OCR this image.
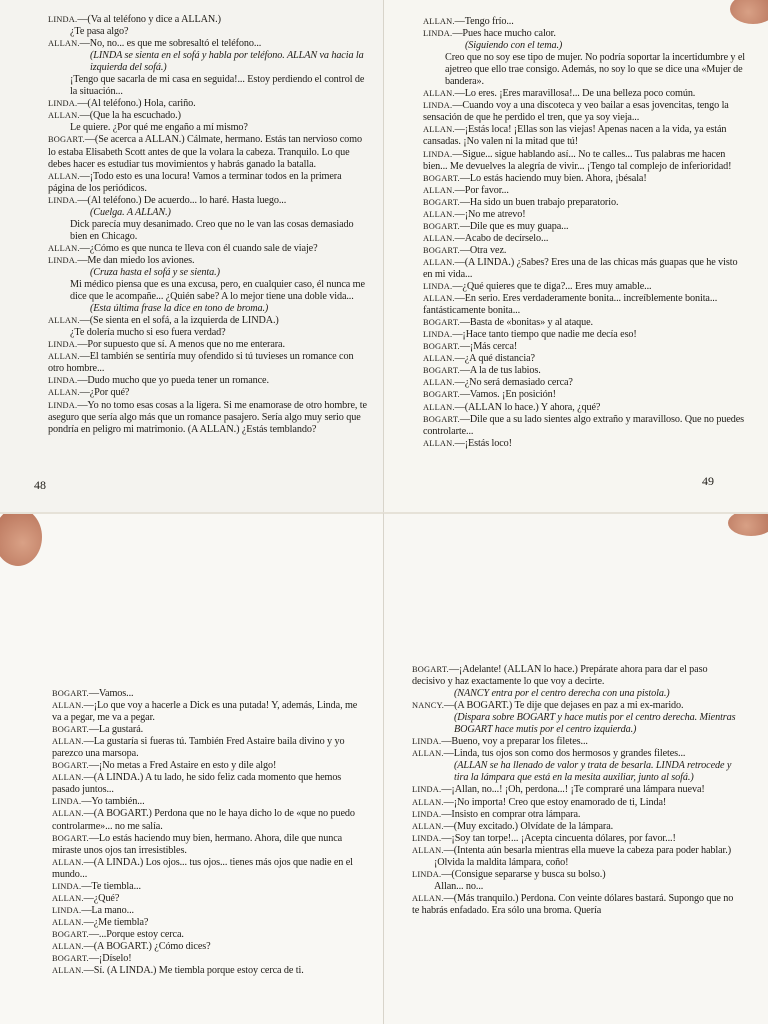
LINDA.—(Va al teléfono y dice a ALLAN.)

¿Te pasa algo?

ALLAN.—No, no... es que me sobresaltó el teléfono...

(LINDA se sienta en el sofá y habla por teléfono. ALLAN va hacia la izquierda del sofá.)

¡Tengo que sacarla de mi casa en seguida!... Estoy perdiendo el control de la situación...

LINDA.—(Al teléfono.) Hola, cariño.

ALLAN.—(Que la ha escuchado.)

Le quiere. ¿Por qué me engaño a mí mismo?

BOGART.—(Se acerca a ALLAN.) Cálmate, hermano. Estás tan nervioso como lo estaba Elisabeth Scott antes de que la volara la cabeza. Tranquilo. Lo que debes hacer es estudiar tus movimientos y habrás ganado la batalla.

ALLAN.—¡Todo esto es una locura! Vamos a terminar todos en la primera página de los periódicos.

LINDA.—(Al teléfono.) De acuerdo... lo haré. Hasta luego...

(Cuelga. A ALLAN.)

Dick parecía muy desanimado. Creo que no le van las cosas demasiado bien en Chicago.

ALLAN.—¿Cómo es que nunca te lleva con él cuando sale de viaje?

LINDA.—Me dan miedo los aviones.

(Cruza hasta el sofá y se sienta.)

Mi médico piensa que es una excusa, pero, en cualquier caso, él nunca me dice que le acompañe... ¿Quién sabe? A lo mejor tiene una doble vida...

(Esta última frase la dice en tono de broma.)

ALLAN.—(Se sienta en el sofá, a la izquierda de LINDA.)

¿Te dolería mucho si eso fuera verdad?

LINDA.—Por supuesto que sí. A menos que no me enterara.

ALLAN.—El también se sentiría muy ofendido si tú tuvieses un romance con otro hombre...

LINDA.—Dudo mucho que yo pueda tener un romance.

ALLAN.—¿Por qué?

LINDA.—Yo no tomo esas cosas a la ligera. Si me enamorase de otro hombre, te aseguro que sería algo más que un romance pasajero. Sería algo muy serio que pondría en peligro mi matrimonio. (A ALLAN.) ¿Estás temblando?

48

ALLAN.—Tengo frío...

LINDA.—Pues hace mucho calor.

(Siguiendo con el tema.)

Creo que no soy ese tipo de mujer. No podría soportar la incertidumbre y el ajetreo que ello trae consigo. Además, no soy lo que se dice una «Mujer de bandera».

ALLAN.—Lo eres. ¡Eres maravillosa!... De una belleza poco común.

LINDA.—Cuando voy a una discoteca y veo bailar a esas jovencitas, tengo la sensación de que he perdido el tren, que ya soy vieja...

ALLAN.—¡Estás loca! ¡Ellas son las viejas! Apenas nacen a la vida, ya están cansadas. ¡No valen ni la mitad que tú!

LINDA.—Sigue... sigue hablando así... No te calles... Tus palabras me hacen bien... Me devuelves la alegría de vivir... ¡Tengo tal complejo de inferioridad!

BOGART.—Lo estás haciendo muy bien. Ahora, ¡bésala!

ALLAN.—Por favor...

BOGART.—Ha sido un buen trabajo preparatorio.

ALLAN.—¡No me atrevo!

BOGART.—Dile que es muy guapa...

ALLAN.—Acabo de decírselo...

BOGART.—Otra vez.

ALLAN.—(A LINDA.) ¿Sabes? Eres una de las chicas más guapas que he visto en mi vida...

LINDA.—¿Qué quieres que te diga?... Eres muy amable...

ALLAN.—En serio. Eres verdaderamente bonita... increíblemente bonita... fantásticamente bonita...

BOGART.—Basta de «bonitas» y al ataque.

LINDA.—¡Hace tanto tiempo que nadie me decía eso!

BOGART.—¡Más cerca!

ALLAN.—¿A qué distancia?

BOGART.—A la de tus labios.

ALLAN.—¿No será demasiado cerca?

BOGART.—Vamos. ¡En posición!

ALLAN.—(ALLAN lo hace.) Y ahora, ¿qué?

BOGART.—Dile que a su lado sientes algo extraño y maravilloso. Que no puedes controlarte...

ALLAN.—¡Estás loco!

49

BOGART.—Vamos...

ALLAN.—¡Lo que voy a hacerle a Dick es una putada! Y, además, Linda, me va a pegar, me va a pegar.

BOGART.—La gustará.

ALLAN.—La gustaría si fueras tú. También Fred Astaire baila divino y yo parezco una marsopa.

BOGART.—¡No metas a Fred Astaire en esto y dile algo!

ALLAN.—(A LINDA.) A tu lado, he sido feliz cada momento que hemos pasado juntos...

LINDA.—Yo también...

ALLAN.—(A BOGART.) Perdona que no le haya dicho lo de «que no puedo controlarme»... no me salía.

BOGART.—Lo estás haciendo muy bien, hermano. Ahora, dile que nunca miraste unos ojos tan irresistibles.

ALLAN.—(A LINDA.) Los ojos... tus ojos... tienes más ojos que nadie en el mundo...

LINDA.—Te tiembla...

ALLAN.—¿Qué?

LINDA.—La mano...

ALLAN.—¿Me tiembla?

BOGART.—...Porque estoy cerca.

ALLAN.—(A BOGART.) ¿Cómo dices?

BOGART.—¡Díselo!

ALLAN.—Sí. (A LINDA.) Me tiembla porque estoy cerca de ti.

BOGART.—¡Adelante! (ALLAN lo hace.) Prepárate ahora para dar el paso decisivo y haz exactamente lo que voy a decirte.

(NANCY entra por el centro derecha con una pistola.)

NANCY.—(A BOGART.) Te dije que dejases en paz a mi ex-marido.

(Dispara sobre BOGART y hace mutis por el centro derecha. Mientras BOGART hace mutis por el centro izquierda.)

LINDA.—Bueno, voy a preparar los filetes...

ALLAN.—Linda, tus ojos son como dos hermosos y grandes filetes...

(ALLAN se ha llenado de valor y trata de besarla. LINDA retrocede y tira la lámpara que está en la mesita auxiliar, junto al sofá.)

LINDA.—¡Allan, no...! ¡Oh, perdona...! ¡Te compraré una lámpara nueva!

ALLAN.—¡No importa! Creo que estoy enamorado de ti, Linda!

LINDA.—Insisto en comprar otra lámpara.

ALLAN.—(Muy excitado.) Olvídate de la lámpara.

LINDA.—¡Soy tan torpe!... ¡Acepta cincuenta dólares, por favor...!

ALLAN.—(Intenta aún besarla mientras ella mueve la cabeza para poder hablar.)

¡Olvida la maldita lámpara, coño!

LINDA.—(Consigue separarse y busca su bolso.)

Allan... no...

ALLAN.—(Más tranquilo.) Perdona. Con veinte dólares bastará. Supongo que no te habrás enfadado. Era sólo una broma. Quería
